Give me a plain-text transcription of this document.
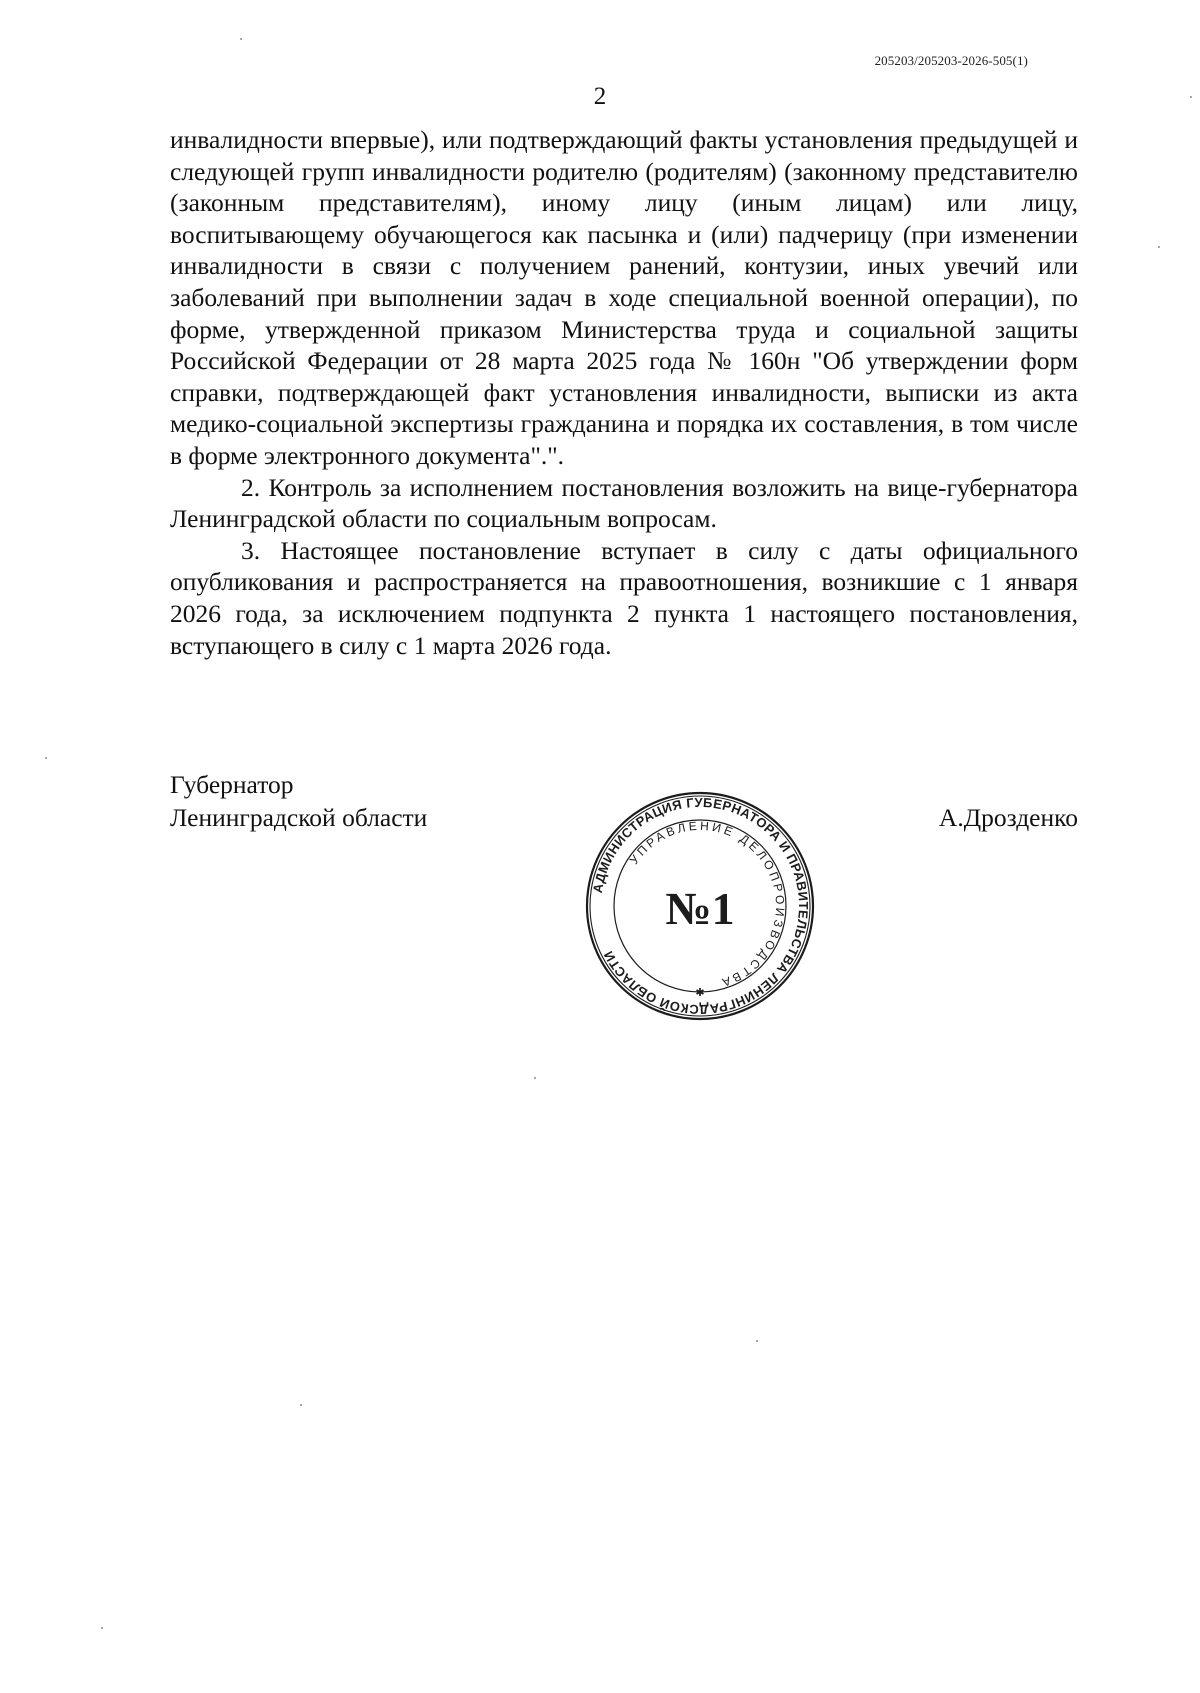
205203/205203-2026-505(1)
2

инвалидности впервые), или подтверждающий факты установления предыдущей и следующей групп инвалидности родителю (родителям) (законному представителю (законным представителям), иному лицу (иным лицам) или лицу, воспитывающему обучающегося как пасынка и (или) падчерицу (при изменении инвалидности в связи с получением ранений, контузии, иных увечий или заболеваний при выполнении задач в ходе специальной военной операции), по форме, утвержденной приказом Министерства труда и социальной защиты Российской Федерации от 28 марта 2025 года № 160н "Об утверждении форм справки, подтверждающей факт установления инвалидности, выписки из акта медико-социальной экспертизы гражданина и порядка их составления, в том числе в форме электронного документа".".

2. Контроль за исполнением постановления возложить на вице-губернатора Ленинградской области по социальным вопросам.

3. Настоящее постановление вступает в силу с даты официального опубликования и распространяется на правоотношения, возникшие с 1 января 2026 года, за исключением подпункта 2 пункта 1 настоящего постановления, вступающего в силу с 1 марта 2026 года.

Губернатор
Ленинградской области
АДМИНИСТРАЦИЯ ГУБЕРНАТОРА И ПРАВИТЕЛЬСТВА ЛЕНИНГРАДСКОЙ ОБЛАСТИ
УПРАВЛЕНИЕ ДЕЛОПРОИЗВОДСТВА
№1
✱
А.Дрозденко
